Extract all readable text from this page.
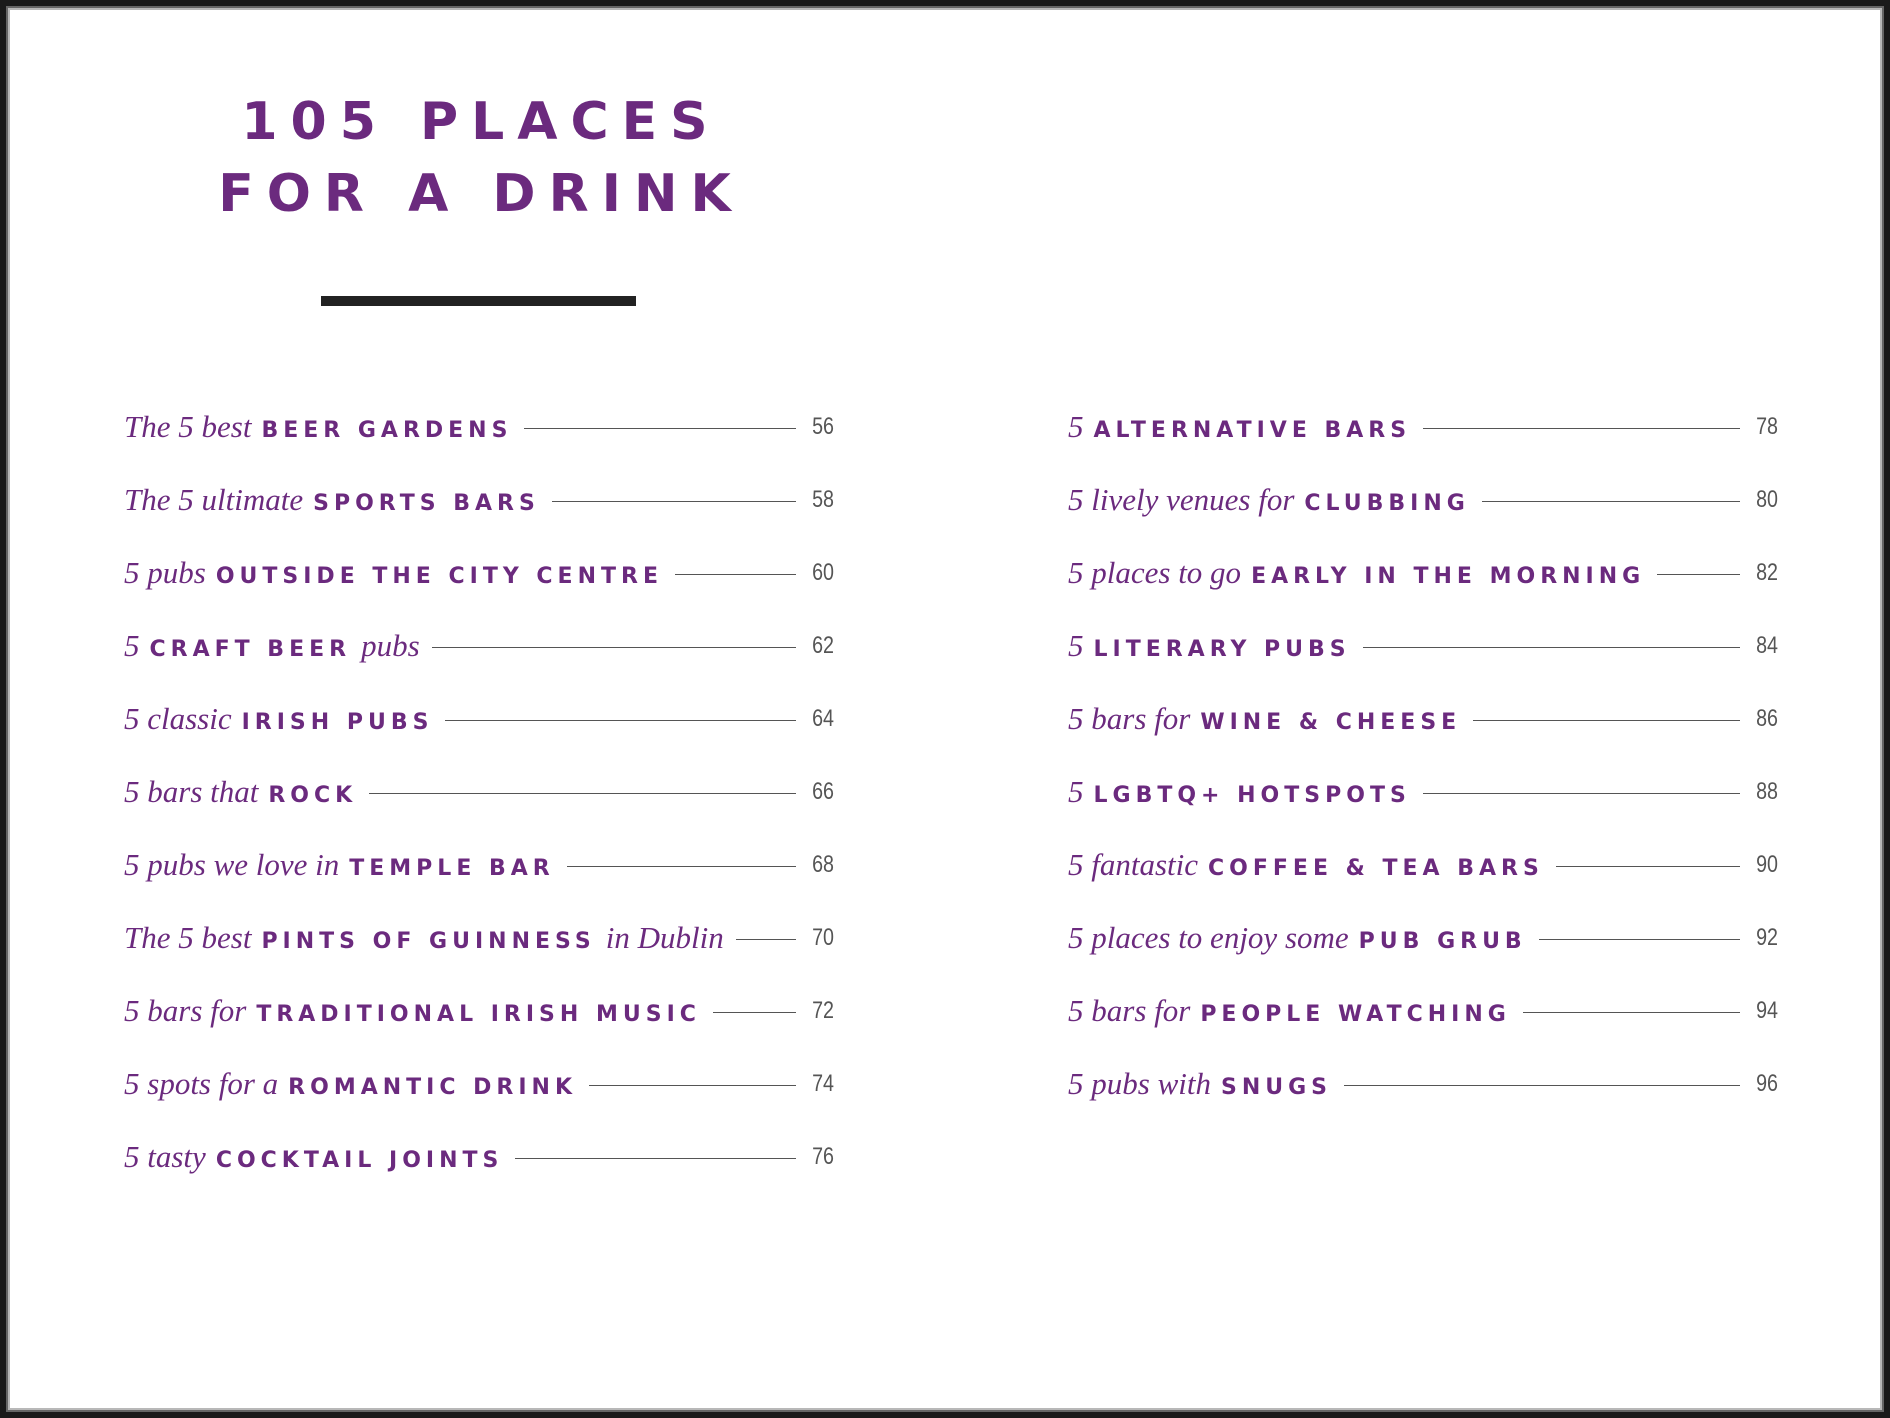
105 PLACES
FOR A DRINK
The 5 best BEER GARDENS	56
The 5 ultimate SPORTS BARS	58
5 pubs OUTSIDE THE CITY CENTRE	60
5 CRAFT BEER pubs	62
5 classic IRISH PUBS	64
5 bars that ROCK	66
5 pubs we love in TEMPLE BAR	68
The 5 best PINTS OF GUINNESS in Dublin	70
5 bars for TRADITIONAL IRISH MUSIC	72
5 spots for a ROMANTIC DRINK	74
5 tasty COCKTAIL JOINTS	76
5 ALTERNATIVE BARS	78
5 lively venues for CLUBBING	80
5 places to go EARLY IN THE MORNING	82
5 LITERARY PUBS	84
5 bars for WINE & CHEESE	86
5 LGBTQ+ HOTSPOTS	88
5 fantastic COFFEE & TEA BARS	90
5 places to enjoy some PUB GRUB	92
5 bars for PEOPLE WATCHING	94
5 pubs with SNUGS	96
